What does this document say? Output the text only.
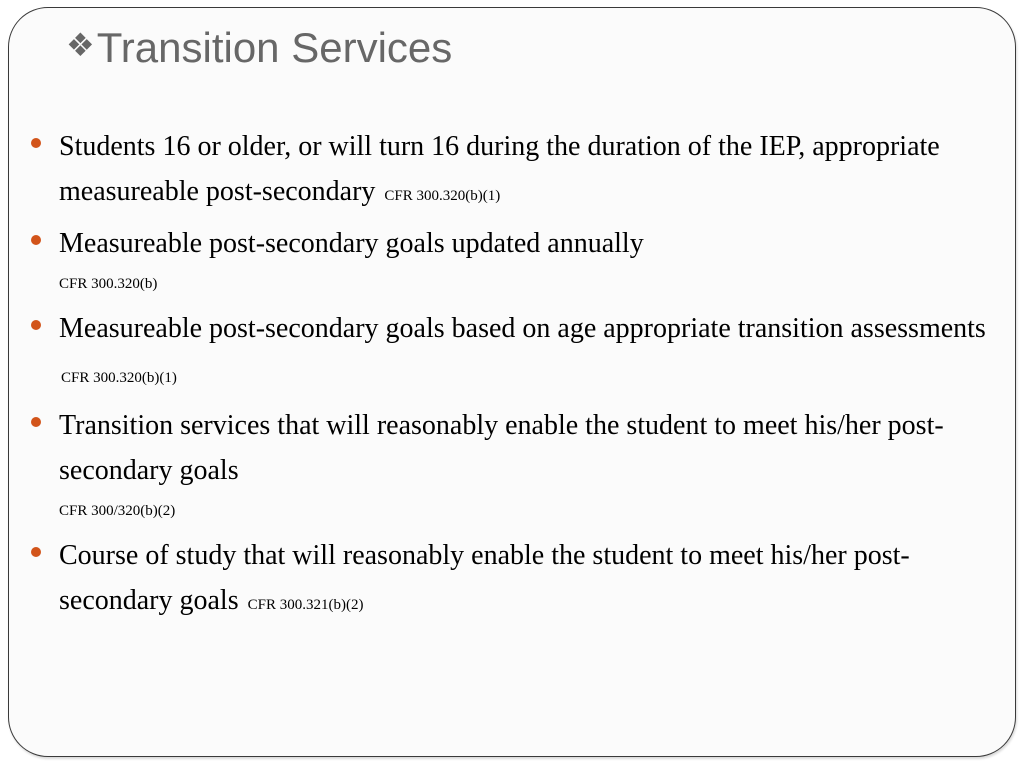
❖Transition Services
Students 16 or older, or will turn 16 during the duration of the IEP, appropriate measureable post-secondary CFR 300.320(b)(1)
Measureable post-secondary goals updated annually
CFR 300.320(b)
Measureable post-secondary goals based on age appropriate transition assessments CFR 300.320(b)(1)
Transition services that will reasonably enable the student to meet his/her post-secondary goals
CFR 300/320(b)(2)
Course of study that will reasonably enable the student to meet his/her post-secondary goals CFR 300.321(b)(2)
